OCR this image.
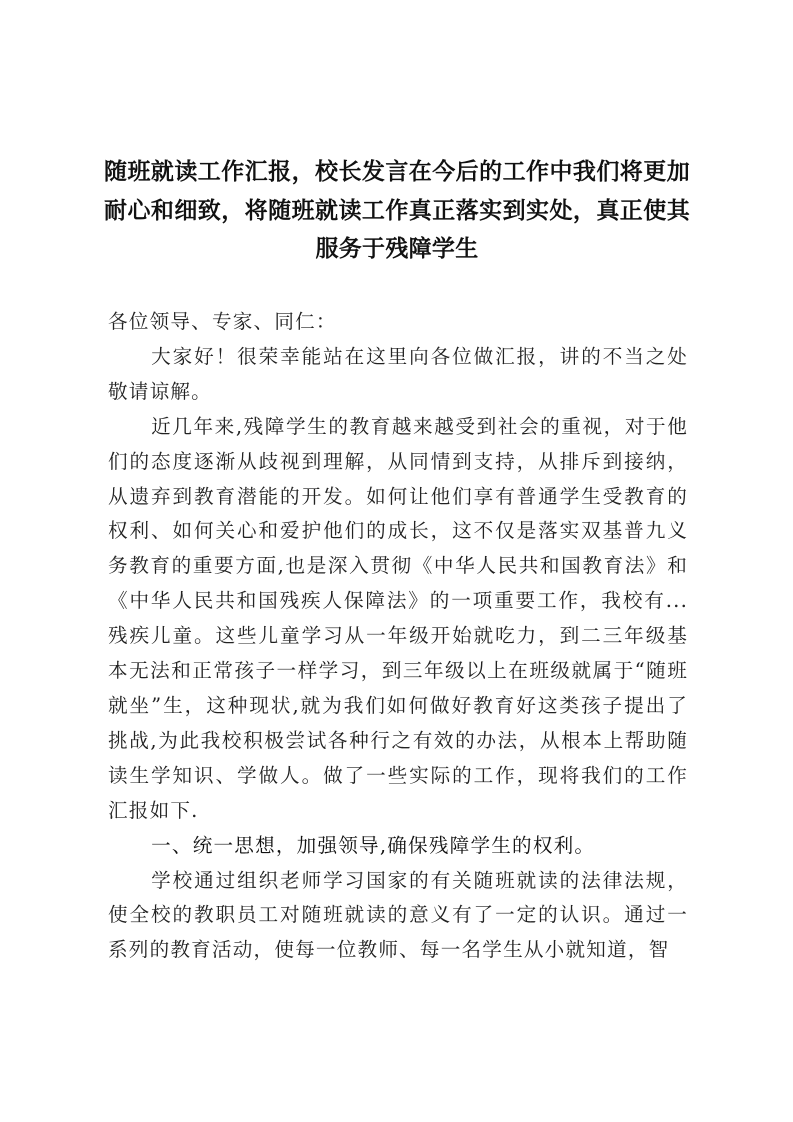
随班就读工作汇报，校长发言在今后的工作中我们将更加耐心和细致，将随班就读工作真正落实到实处，真正使其服务于残障学生

各位领导、专家、同仁：

大家好！很荣幸能站在这里向各位做汇报，讲的不当之处敬请谅解。

近几年来,残障学生的教育越来越受到社会的重视，对于他们的态度逐渐从歧视到理解，从同情到支持，从排斥到接纳，从遗弃到教育潜能的开发。如何让他们享有普通学生受教育的权利、如何关心和爱护他们的成长，这不仅是落实双基普九义务教育的重要方面,也是深入贯彻《中华人民共和国教育法》和《中华人民共和国残疾人保障法》的一项重要工作，我校有...残疾儿童。这些儿童学习从一年级开始就吃力，到二三年级基本无法和正常孩子一样学习，到三年级以上在班级就属于“随班就坐”生，这种现状,就为我们如何做好教育好这类孩子提出了挑战,为此我校积极尝试各种行之有效的办法，从根本上帮助随读生学知识、学做人。做了一些实际的工作，现将我们的工作汇报如下.

一、统一思想，加强领导,确保残障学生的权利。

学校通过组织老师学习国家的有关随班就读的法律法规，使全校的教职员工对随班就读的意义有了一定的认识。通过一系列的教育活动，使每一位教师、每一名学生从小就知道，智
